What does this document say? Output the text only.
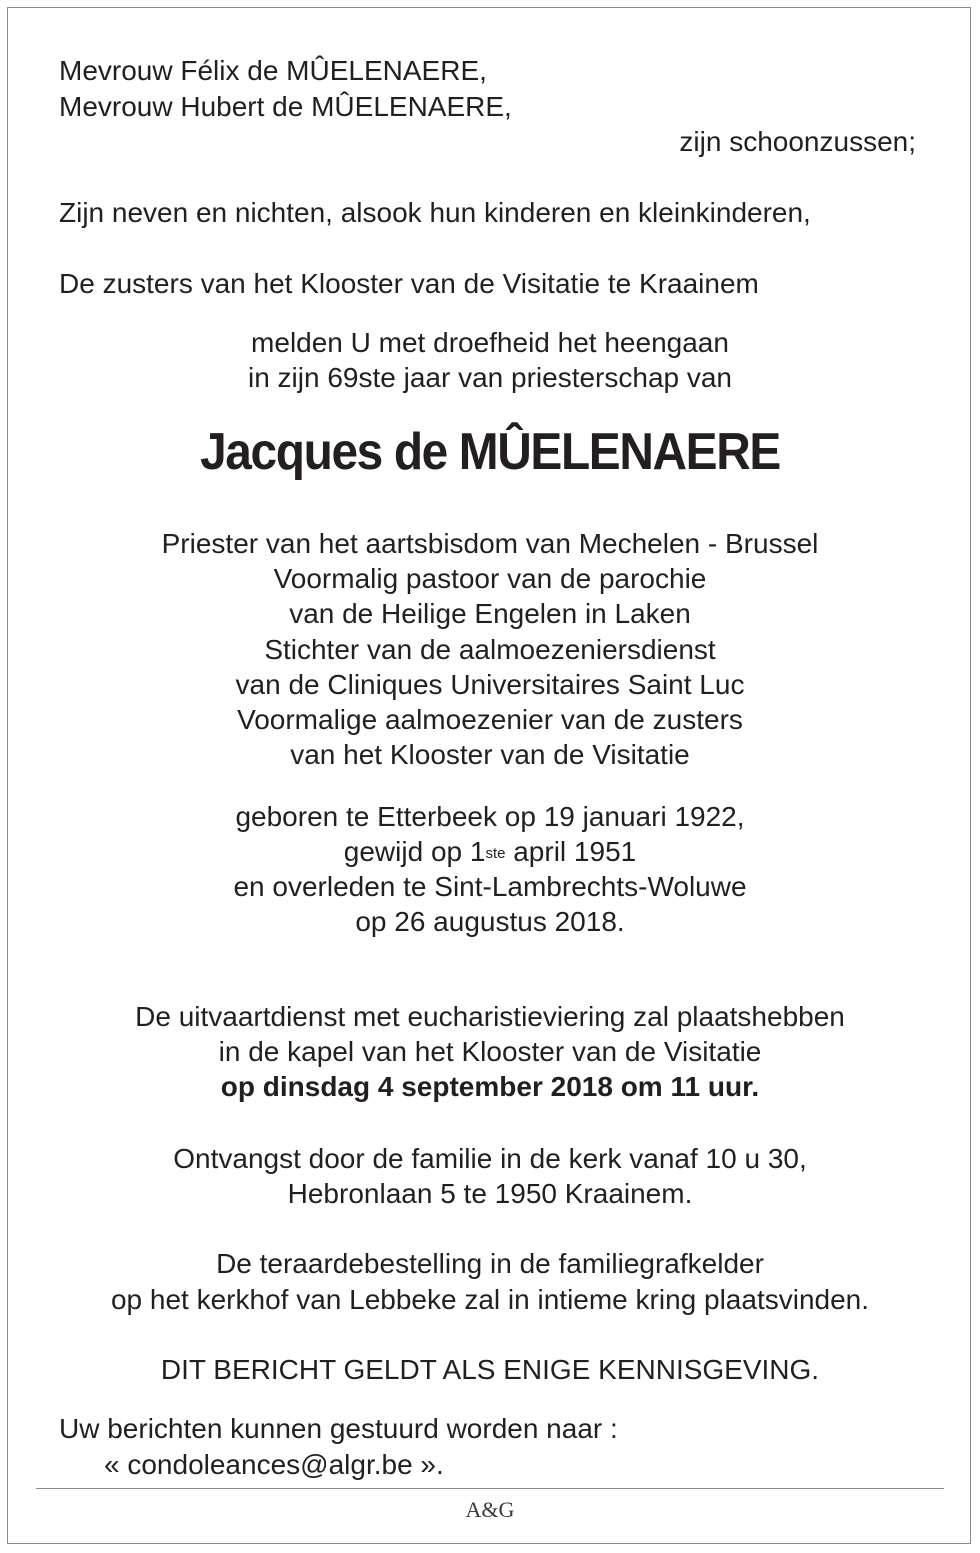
Mevrouw Félix de MÛELENAERE,
Mevrouw Hubert de MÛELENAERE,
zijn schoonzussen;
Zijn neven en nichten, alsook hun kinderen en kleinkinderen,
De zusters van het Klooster van de Visitatie te Kraainem
melden U met droefheid het heengaan
in zijn 69ste jaar van priesterschap van
Jacques de MÛELENAERE
Priester van het aartsbisdom van Mechelen - Brussel
Voormalig pastoor van de parochie
van de Heilige Engelen in Laken
Stichter van de aalmoezeniersdienst
van de Cliniques Universitaires Saint Luc
Voormalige aalmoezenier van de zusters
van het Klooster van de Visitatie
geboren te Etterbeek op 19 januari 1922,
gewijd op 1ste april 1951
en overleden te Sint-Lambrechts-Woluwe
op 26 augustus 2018.
De uitvaartdienst met eucharistieviering zal plaatshebben
in de kapel van het Klooster van de Visitatie
op dinsdag 4 september 2018 om 11 uur.
Ontvangst door de familie in de kerk vanaf 10 u 30,
Hebronlaan 5 te 1950 Kraainem.
De teraardebestelling in de familiegrafkelder
op het kerkhof van Lebbeke zal in intieme kring plaatsvinden.
DIT BERICHT GELDT ALS ENIGE KENNISGEVING.
Uw berichten kunnen gestuurd worden naar :
« condoleances@algr.be ».
A&G
